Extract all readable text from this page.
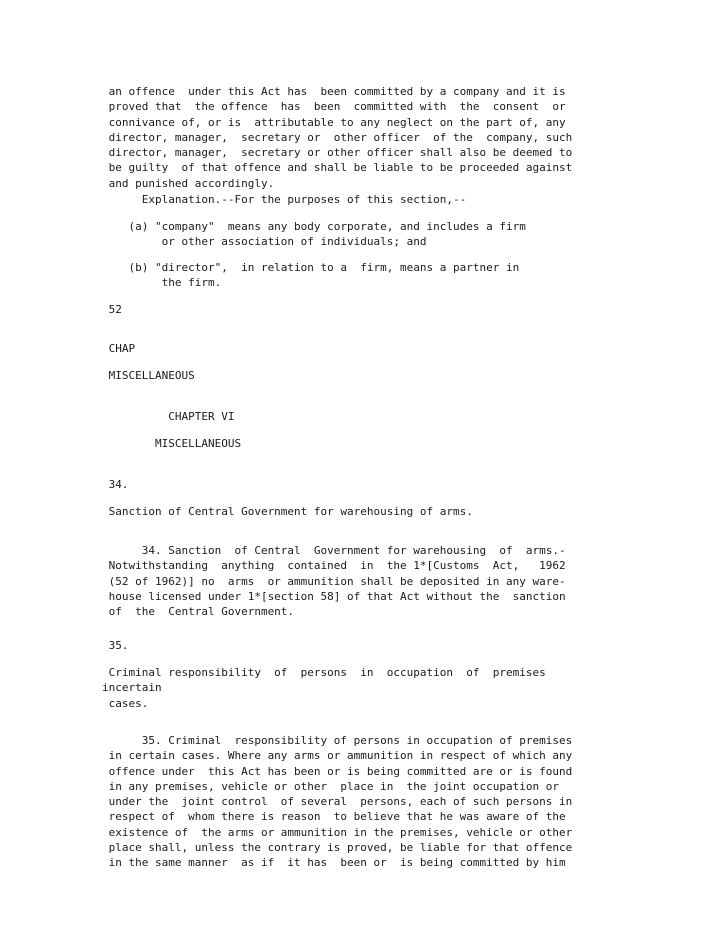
an offence  under this Act has  been committed by a company and it is
proved that  the offence  has  been  committed with  the  consent  or
connivance of, or is  attributable to any neglect on the part of, any
director, manager,  secretary or  other officer  of the  company, such
director, manager,  secretary or other officer shall also be deemed to
be guilty  of that offence and shall be liable to be proceeded against
and punished accordingly.
Explanation.--For the purposes of this section,--
(a) "company"  means any body corporate, and includes a firm
or other association of individuals; and
(b) "director",  in relation to a  firm, means a partner in
the firm.
52
CHAP
MISCELLANEOUS
CHAPTER VI
MISCELLANEOUS
34.
Sanction of Central Government for warehousing of arms.
34. Sanction  of Central  Government for warehousing  of  arms.-
Notwithstanding  anything  contained  in  the 1*[Customs  Act,   1962
(52 of 1962)] no  arms  or ammunition shall be deposited in any ware-
house licensed under 1*[section 58] of that Act without the  sanction
of  the  Central Government.
35.
Criminal responsibility  of  persons  in  occupation  of  premises
incertain
cases.
35. Criminal  responsibility of persons in occupation of premises
in certain cases. Where any arms or ammunition in respect of which any
offence under  this Act has been or is being committed are or is found
in any premises, vehicle or other  place in  the joint occupation or
under the  joint control  of several  persons, each of such persons in
respect of  whom there is reason  to believe that he was aware of the
existence of  the arms or ammunition in the premises, vehicle or other
place shall, unless the contrary is proved, be liable for that offence
in the same manner  as if  it has  been or  is being committed by him
